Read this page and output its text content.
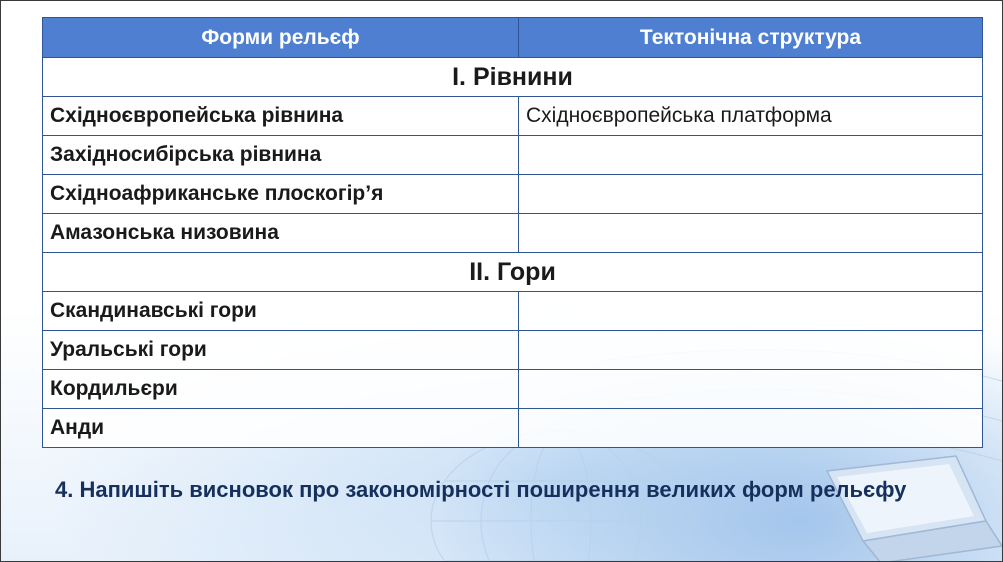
Форми рельєф	Тектонічна структура
І. Рівнини	
Східноєвропейська рівнина	Східноєвропейська платформа
Західносибірська рівнина	
Східноафриканське плоскогір’я	
Амазонська низовина	
ІІ. Гори	
Скандинавські гори	
Уральські гори	
Кордильєри	
Анди	
4. Напишіть висновок про закономірності поширення великих форм рельєфу
